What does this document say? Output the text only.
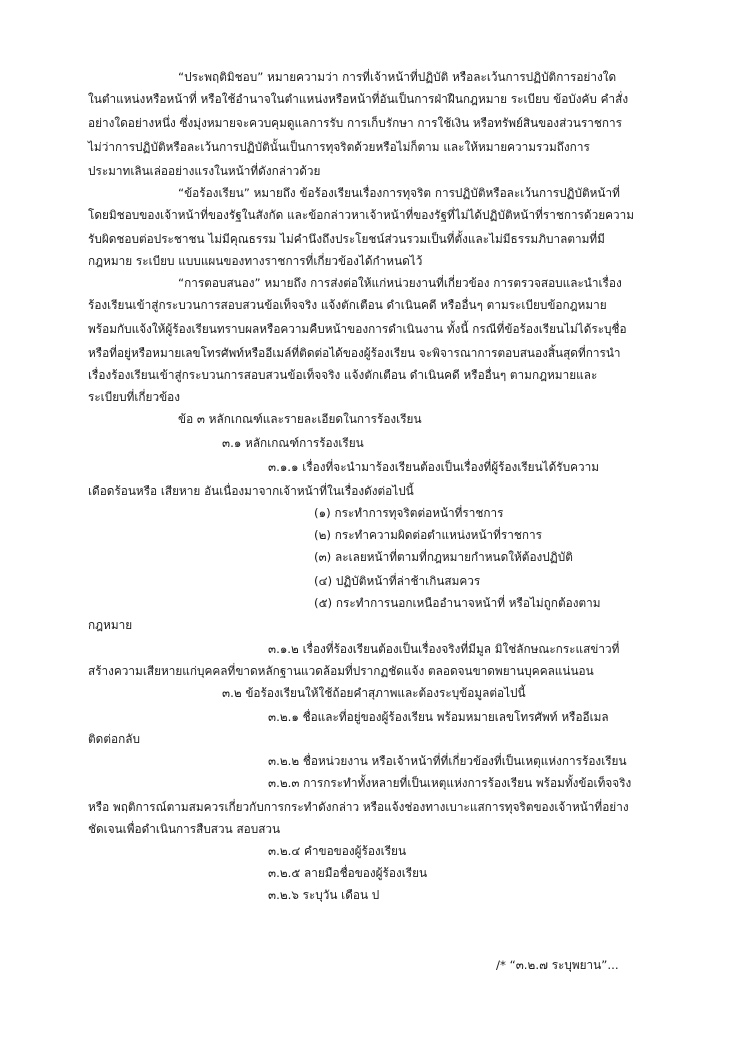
“ประพฤติมิชอบ” หมายความว่า การที่เจ้าหน้าที่ปฏิบัติ หรือละเว้นการปฏิบัติการอย่างใด
ในตำแหน่งหรือหน้าที่ หรือใช้อำนาจในตำแหน่งหรือหน้าที่อันเป็นการฝ่าฝืนกฎหมาย ระเบียบ ข้อบังคับ คำสั่ง
อย่างใดอย่างหนึ่ง ซึ่งมุ่งหมายจะควบคุมดูแลการรับ การเก็บรักษา การใช้เงิน หรือทรัพย์สินของส่วนราชการ
ไม่ว่าการปฏิบัติหรือละเว้นการปฏิบัตินั้นเป็นการทุจริตด้วยหรือไม่ก็ตาม และให้หมายความรวมถึงการ
ประมาทเลินเล่ออย่างแรงในหน้าที่ดังกล่าวด้วย
“ข้อร้องเรียน” หมายถึง ข้อร้องเรียนเรื่องการทุจริต การปฏิบัติหรือละเว้นการปฏิบัติหน้าที่
โดยมิชอบของเจ้าหน้าที่ของรัฐในสังกัด และข้อกล่าวหาเจ้าหน้าที่ของรัฐที่ไม่ได้ปฏิบัติหน้าที่ราชการด้วยความ
รับผิดชอบต่อประชาชน ไม่มีคุณธรรม ไม่คำนึงถึงประโยชน์ส่วนรวมเป็นที่ตั้งและไม่มีธรรมภิบาลตามที่มี
กฎหมาย ระเบียบ แบบแผนของทางราชการที่เกี่ยวข้องได้กำหนดไว้
“การตอบสนอง” หมายถึง การส่งต่อให้แก่หน่วยงานที่เกี่ยวข้อง การตรวจสอบและนำเรื่อง
ร้องเรียนเข้าสู่กระบวนการสอบสวนข้อเท็จจริง แจ้งตักเตือน ดำเนินคดี หรืออื่นๆ ตามระเบียบข้อกฎหมาย
พร้อมกับแจ้งให้ผู้ร้องเรียนทราบผลหรือความคืบหน้าของการดำเนินงาน ทั้งนี้ กรณีที่ข้อร้องเรียนไม่ได้ระบุชื่อ
หรือที่อยู่หรือหมายเลขโทรศัพท์หรืออีเมล์ที่ติดต่อได้ของผู้ร้องเรียน จะพิจารณาการตอบสนองสิ้นสุดที่การนำ
เรื่องร้องเรียนเข้าสู่กระบวนการสอบสวนข้อเท็จจริง แจ้งตักเตือน ดำเนินคดี หรืออื่นๆ ตามกฎหมายและ
ระเบียบที่เกี่ยวข้อง
ข้อ ๓ หลักเกณฑ์และรายละเอียดในการร้องเรียน
๓.๑ หลักเกณฑ์การร้องเรียน
๓.๑.๑ เรื่องที่จะนำมาร้องเรียนต้องเป็นเรื่องที่ผู้ร้องเรียนได้รับความ
เดือดร้อนหรือ เสียหาย อันเนื่องมาจากเจ้าหน้าที่ในเรื่องดังต่อไปนี้
(๑) กระทำการทุจริตต่อหน้าที่ราชการ
(๒) กระทำความผิดต่อตำแหน่งหน้าที่ราชการ
(๓) ละเลยหน้าที่ตามที่กฎหมายกำหนดให้ต้องปฏิบัติ
(๔) ปฏิบัติหน้าที่ล่าช้าเกินสมควร
(๕) กระทำการนอกเหนืออำนาจหน้าที่ หรือไม่ถูกต้องตาม
กฎหมาย
๓.๑.๒ เรื่องที่ร้องเรียนต้องเป็นเรื่องจริงที่มีมูล มิใช่ลักษณะกระแสข่าวที่
สร้างความเสียหายแก่บุคคลที่ขาดหลักฐานแวดล้อมที่ปรากฏชัดแจ้ง ตลอดจนขาดพยานบุคคลแน่นอน
๓.๒ ข้อร้องเรียนให้ใช้ถ้อยคำสุภาพและต้องระบุข้อมูลต่อไปนี้
๓.๒.๑ ชื่อและที่อยู่ของผู้ร้องเรียน พร้อมหมายเลขโทรศัพท์ หรืออีเมล
ติดต่อกลับ
๓.๒.๒ ชื่อหน่วยงาน หรือเจ้าหน้าที่ที่เกี่ยวข้องที่เป็นเหตุแห่งการร้องเรียน
๓.๒.๓ การกระทำทั้งหลายที่เป็นเหตุแห่งการร้องเรียน พร้อมทั้งข้อเท็จจริง
หรือ พฤติการณ์ตามสมควรเกี่ยวกับการกระทำดังกล่าว หรือแจ้งช่องทางเบาะแสการทุจริตของเจ้าหน้าที่อย่าง
ชัดเจนเพื่อดำเนินการสืบสวน สอบสวน
๓.๒.๔ คำขอของผู้ร้องเรียน
๓.๒.๕ ลายมือชื่อของผู้ร้องเรียน
๓.๒.๖ ระบุวัน เดือน ป
/* “๓.๒.๗ ระบุพยาน”...
